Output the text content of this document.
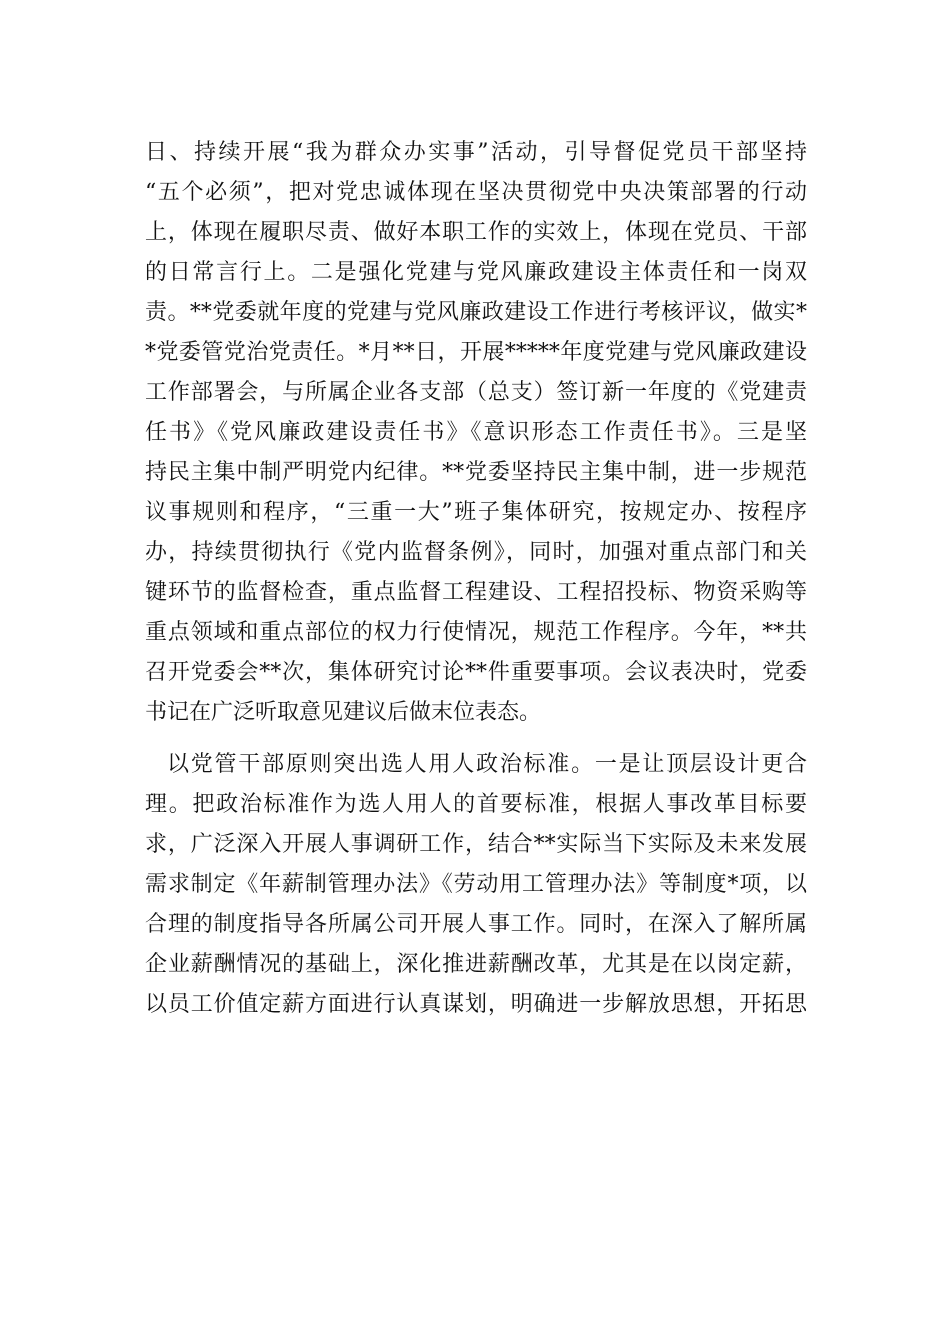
日、持续开展“我为群众办实事”活动，引导督促党员干部坚持
“五个必须”，把对党忠诚体现在坚决贯彻党中央决策部署的行动
上，体现在履职尽责、做好本职工作的实效上，体现在党员、干部
的日常言行上。二是强化党建与党风廉政建设主体责任和一岗双
责。**党委就年度的党建与党风廉政建设工作进行考核评议，做实*
*党委管党治党责任。*月**日，开展*****年度党建与党风廉政建设
工作部署会，与所属企业各支部（总支）签订新一年度的《党建责
任书》《党风廉政建设责任书》《意识形态工作责任书》。三是坚
持民主集中制严明党内纪律。**党委坚持民主集中制，进一步规范
议事规则和程序，“三重一大”班子集体研究，按规定办、按程序
办，持续贯彻执行《党内监督条例》，同时，加强对重点部门和关
键环节的监督检查，重点监督工程建设、工程招投标、物资采购等
重点领域和重点部位的权力行使情况，规范工作程序。今年，**共
召开党委会**次，集体研究讨论**件重要事项。会议表决时，党委
书记在广泛听取意见建议后做末位表态。
以党管干部原则突出选人用人政治标准。一是让顶层设计更合
理。把政治标准作为选人用人的首要标准，根据人事改革目标要
求，广泛深入开展人事调研工作，结合**实际当下实际及未来发展
需求制定《年薪制管理办法》《劳动用工管理办法》等制度*项，以
合理的制度指导各所属公司开展人事工作。同时，在深入了解所属
企业薪酬情况的基础上，深化推进薪酬改革，尤其是在以岗定薪，
以员工价值定薪方面进行认真谋划，明确进一步解放思想，开拓思
